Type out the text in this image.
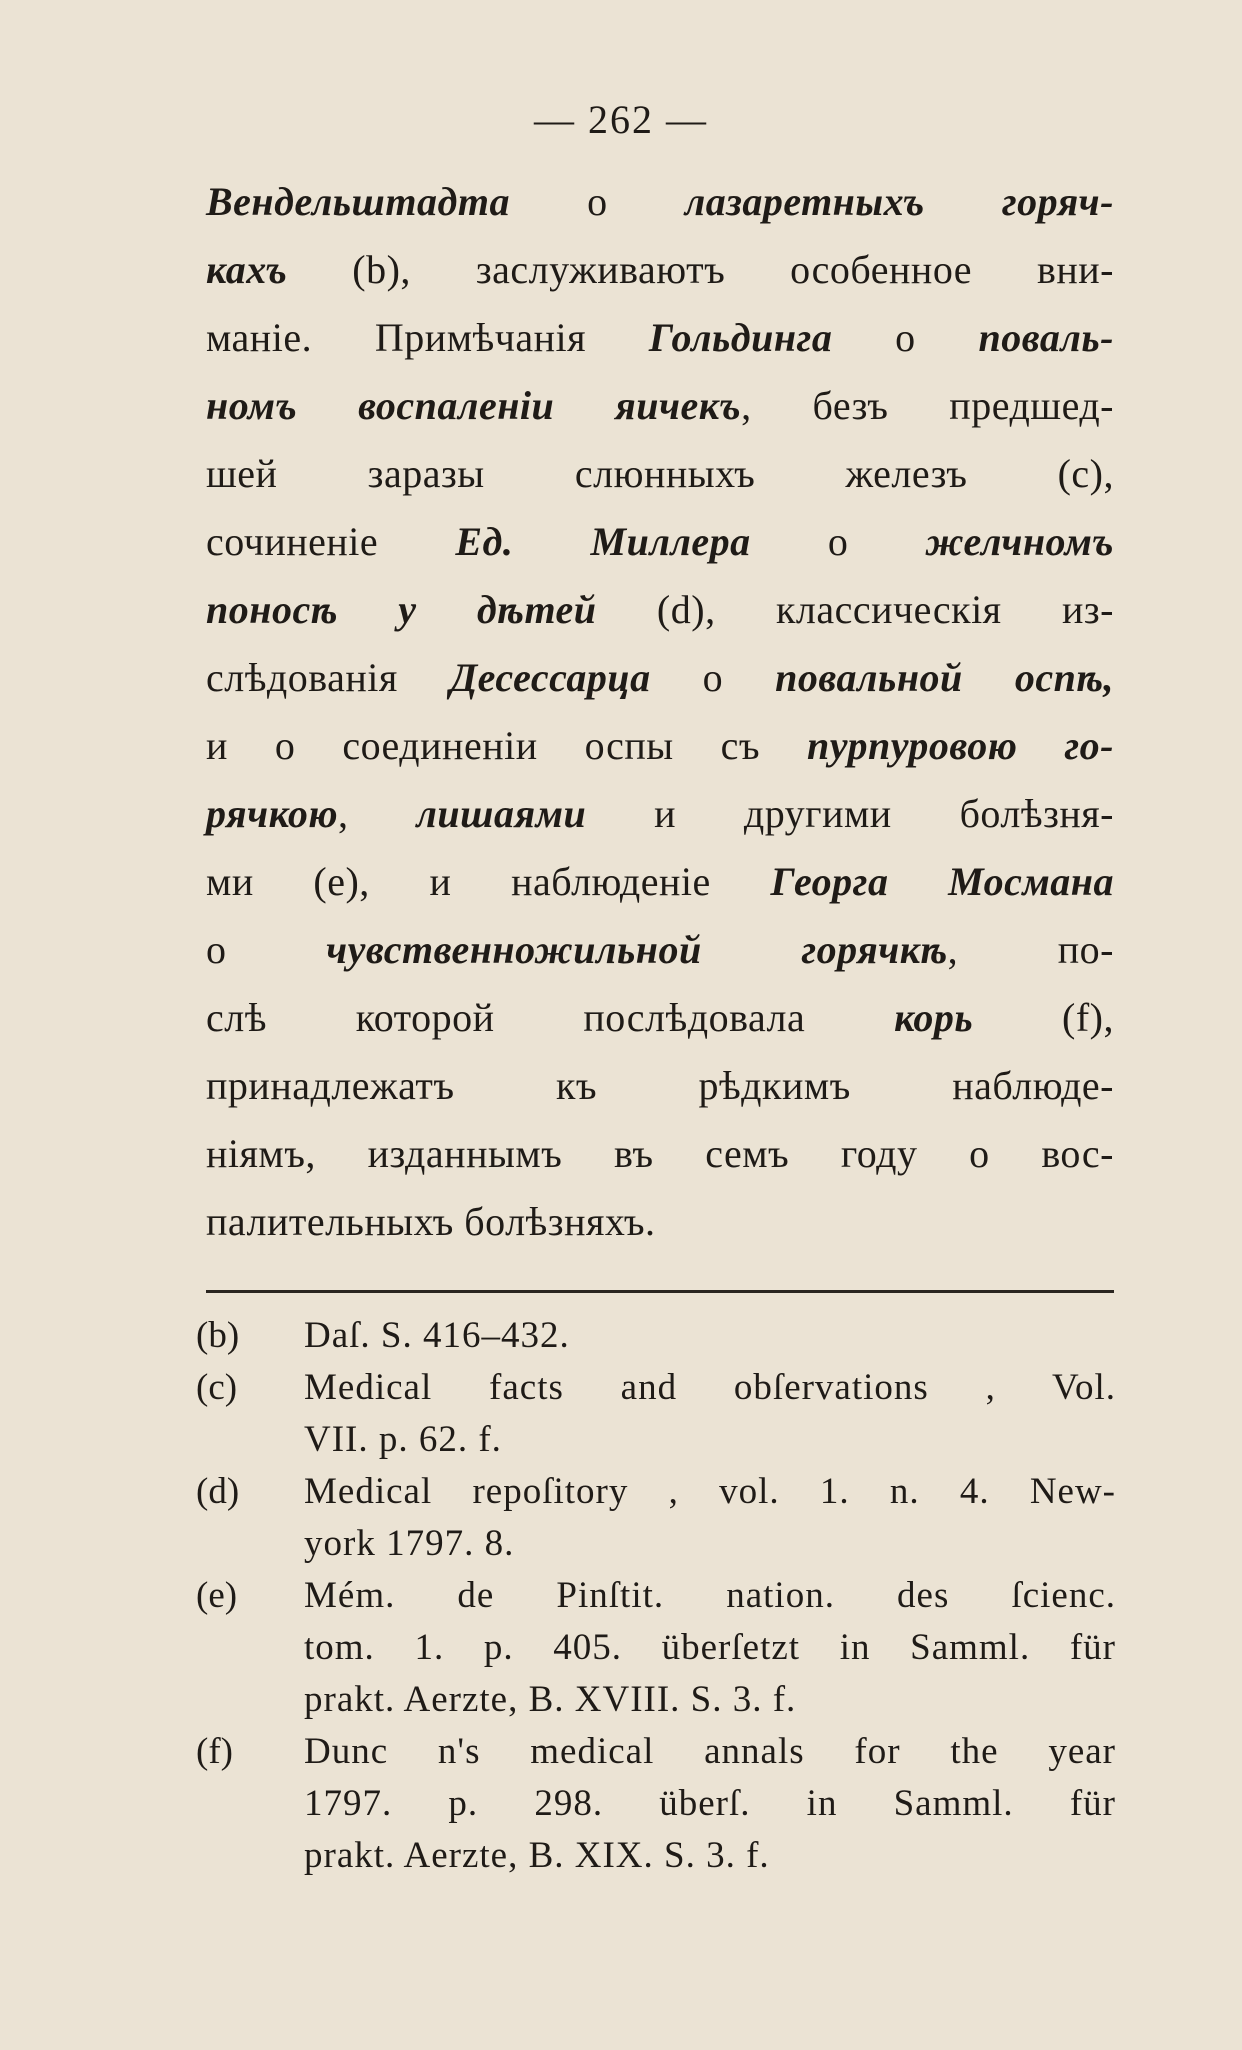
— 262 —
Вендельштадта о лазаретныхъ горяч-
кахъ (b), заслуживаютъ особенное вни-
маніе. Примѣчанія Гольдинга о поваль-
номъ воспаленіи яичекъ, безъ предшед-
шей заразы слюнныхъ железъ (c),
сочиненіе Ед. Миллера о желчномъ
поносѣ у дѣтей (d), классическія из-
слѣдованія Десессарца о повальной оспѣ,
и о соединеніи оспы съ пурпуровою го-
рячкою, лишаями и другими болѣзня-
ми (e), и наблюденіе Георга Мосмана
о чувственножильной горячкѣ, по-
слѣ которой послѣдовала корь (f),
принадлежатъ къ рѣдкимъ наблюде-
ніямъ, изданнымъ въ семъ году о вос-
палительныхъ болѣзняхъ.
(b)	Daſ. S. 416–432.
(c)	Medical facts and obſervations , Vol.
VII. p. 62. f.
(d)	Medical repoſitory , vol. 1. n. 4. New-
york 1797. 8.
(e)	Mém. de Pinſtit. nation. des ſcienc.
tom. 1. p. 405. überſetzt in Samml. für
prakt. Aerzte, B. XVIII. S. 3. f.
(f)	Dunc n's medical annals for the year
1797. p. 298. überſ. in Samml. für
prakt. Aerzte, B. XIX. S. 3. f.
